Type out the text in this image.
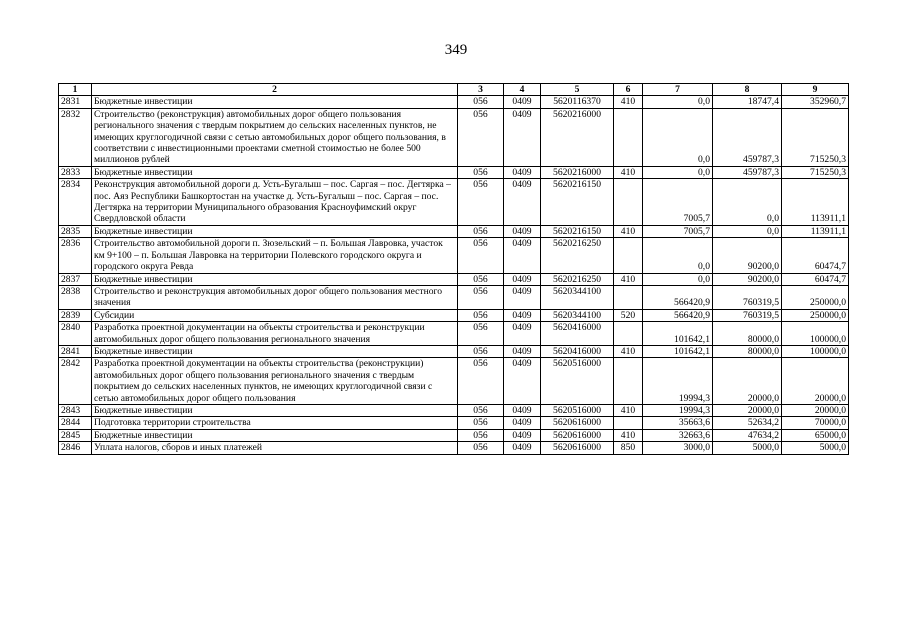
349
1	2	3	4	5	6	7	8	9
2831	Бюджетные инвестиции	056	0409	5620116370	410	0,0	18747,4	352960,7
2832	Строительство (реконструкция) автомобильных дорог общего пользования регионального значения с твердым покрытием до сельских населенных пунктов, не имеющих круглогодичной связи с сетью автомобильных дорог общего пользования, в соответствии с инвестиционными проектами сметной стоимостью не более 500 миллионов рублей	056	0409	5620216000		0,0	459787,3	715250,3
2833	Бюджетные инвестиции	056	0409	5620216000	410	0,0	459787,3	715250,3
2834	Реконструкция автомобильной дороги д. Усть-Бугалыш – пос. Саргая – пос. Дегтярка – пос. Аяз Республики Башкортостан на участке д. Усть-Бугалыш – пос. Саргая – пос. Дегтярка на территории Муниципального образования Красноуфимский округ Свердловской области	056	0409	5620216150		7005,7	0,0	113911,1
2835	Бюджетные инвестиции	056	0409	5620216150	410	7005,7	0,0	113911,1
2836	Строительство автомобильной дороги п. Зюзельский – п. Большая Лавровка, участок км 9+100 – п. Большая Лавровка на территории Полевского городского округа и городского округа Ревда	056	0409	5620216250		0,0	90200,0	60474,7
2837	Бюджетные инвестиции	056	0409	5620216250	410	0,0	90200,0	60474,7
2838	Строительство и реконструкция автомобильных дорог общего пользования местного значения	056	0409	5620344100		566420,9	760319,5	250000,0
2839	Субсидии	056	0409	5620344100	520	566420,9	760319,5	250000,0
2840	Разработка проектной документации на объекты строительства и реконструкции автомобильных дорог общего пользования регионального значения	056	0409	5620416000		101642,1	80000,0	100000,0
2841	Бюджетные инвестиции	056	0409	5620416000	410	101642,1	80000,0	100000,0
2842	Разработка проектной документации на объекты строительства (реконструкции) автомобильных дорог общего пользования регионального значения с твердым покрытием до сельских населенных пунктов, не имеющих круглогодичной связи с сетью автомобильных дорог общего пользования	056	0409	5620516000		19994,3	20000,0	20000,0
2843	Бюджетные инвестиции	056	0409	5620516000	410	19994,3	20000,0	20000,0
2844	Подготовка территории строительства	056	0409	5620616000		35663,6	52634,2	70000,0
2845	Бюджетные инвестиции	056	0409	5620616000	410	32663,6	47634,2	65000,0
2846	Уплата налогов, сборов и иных платежей	056	0409	5620616000	850	3000,0	5000,0	5000,0
